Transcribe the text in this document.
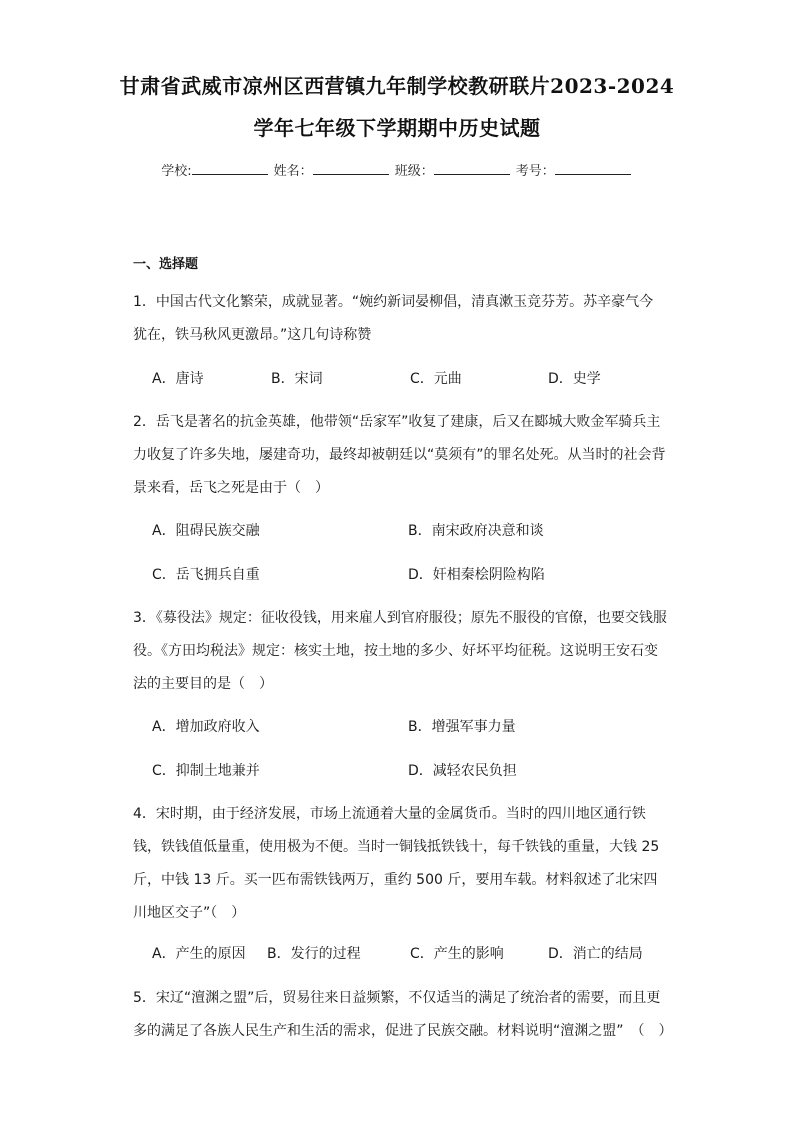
甘肃省武威市凉州区西营镇九年制学校教研联片2023-2024
学年七年级下学期期中历史试题
学校:	姓名：	班级：	考号：
一、选择题

1．中国古代文化繁荣，成就显著。“婉约新词晏柳倡，清真漱玉竞芬芳。苏辛豪气今犹在，铁马秋风更激昂。”这几句诗称赞

A．唐诗	B．宋词	C．元曲	D．史学

2．岳飞是著名的抗金英雄，他带领“岳家军”收复了建康，后又在郾城大败金军骑兵主力收复了许多失地，屡建奇功，最终却被朝廷以“莫须有”的罪名处死。从当时的社会背景来看，岳飞之死是由于（　）

A．阻碍民族交融	B．南宋政府决意和谈
C．岳飞拥兵自重	D．奸相秦桧阴险构陷

3．《募役法》规定：征收役钱，用来雇人到官府服役；原先不服役的官僚，也要交钱服役。《方田均税法》规定：核实土地，按土地的多少、好坏平均征税。这说明王安石变法的主要目的是（　）

A．增加政府收入	B．增强军事力量
C．抑制土地兼并	D．减轻农民负担

4．宋时期，由于经济发展，市场上流通着大量的金属货币。当时的四川地区通行铁钱，铁钱值低量重，使用极为不便。当时一铜钱抵铁钱十，每千铁钱的重量，大钱 25 斤，中钱 13 斤。买一匹布需铁钱两万，重约 500 斤，要用车载。材料叙述了北宋四川地区交子”（　）

A．产生的原因 B．发行的过程	C．产生的影响	D．消亡的结局

5．宋辽“澶渊之盟”后，贸易往来日益频繁，不仅适当的满足了统治者的需要，而且更多的满足了各族人民生产和生活的需求，促进了民族交融。材料说明“澶渊之盟”　（　）
